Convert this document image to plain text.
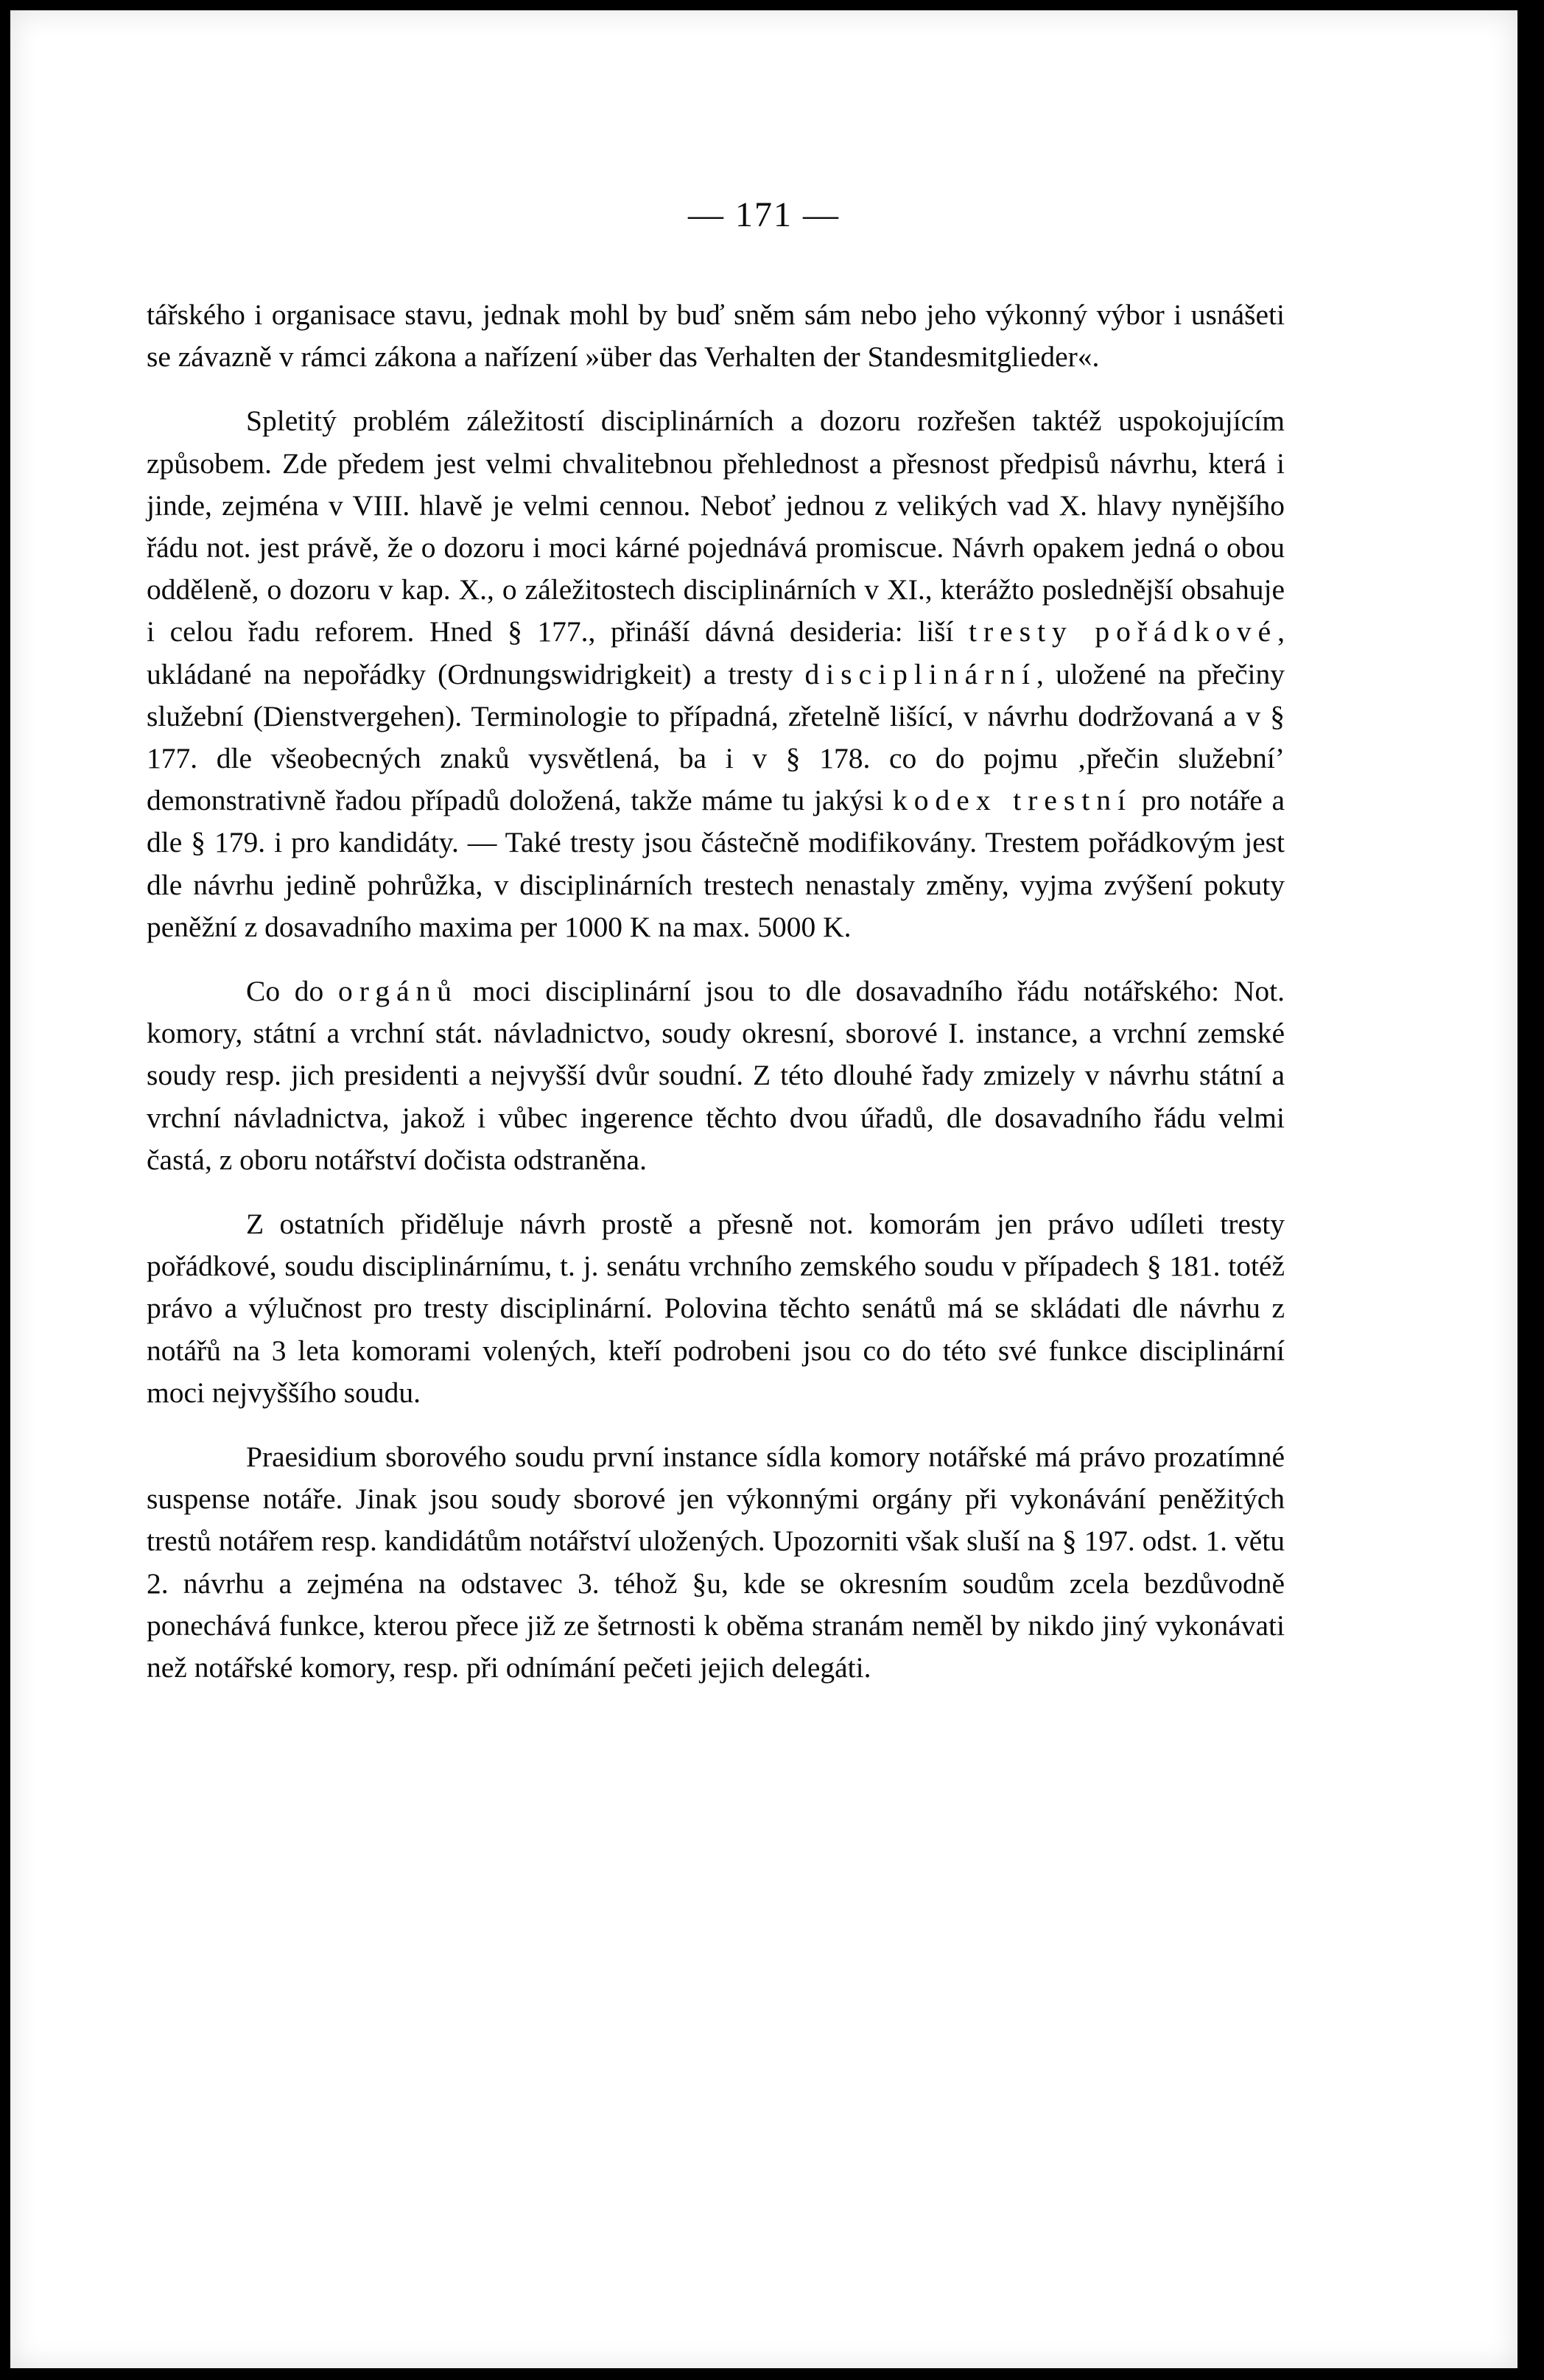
— 171 —

tářského i organisace stavu, jednak mohl by buď sněm sám nebo jeho výkonný výbor i usnášeti se závazně v rámci zákona a nařízení »über das Verhalten der Standesmitglieder«.

Spletitý problém záležitostí disciplinárních a dozoru rozřešen taktéž uspokojujícím způsobem. Zde předem jest velmi chvalitebnou přehlednost a přesnost předpisů návrhu, která i jinde, zejména v VIII. hlavě je velmi cennou. Neboť jednou z velikých vad X. hlavy nynějšího řádu not. jest právě, že o dozoru i moci kárné pojednává promiscue. Návrh opakem jedná o obou odděleně, o dozoru v kap. X., o záležitostech disciplinárních v XI., kterážto poslednější obsahuje i celou řadu reforem. Hned § 177., přináší dávná desideria: liší tresty pořádkové, ukládané na nepořádky (Ordnungswidrigkeit) a tresty disciplinární, uložené na přečiny služební (Dienstvergehen). Terminologie to případná, zřetelně lišící, v návrhu dodržovaná a v § 177. dle všeobecných znaků vysvětlená, ba i v § 178. co do pojmu ‚přečin služební’ demonstrativně řadou případů doložená, takže máme tu jakýsi kodex trestní pro notáře a dle § 179. i pro kandidáty. — Také tresty jsou částečně modifikovány. Trestem pořádkovým jest dle návrhu jedině pohrůžka, v disciplinárních trestech nenastaly změny, vyjma zvýšení pokuty peněžní z dosavadního maxima per 1000 K na max. 5000 K.

Co do orgánů moci disciplinární jsou to dle dosavadního řádu notářského: Not. komory, státní a vrchní stát. návladnictvo, soudy okresní, sborové I. instance, a vrchní zemské soudy resp. jich presidenti a nejvyšší dvůr soudní. Z této dlouhé řady zmizely v návrhu státní a vrchní návladnictva, jakož i vůbec ingerence těchto dvou úřadů, dle dosavadního řádu velmi častá, z oboru notářství dočista odstraněna.

Z ostatních přiděluje návrh prostě a přesně not. komorám jen právo udíleti tresty pořádkové, soudu disciplinárnímu, t. j. senátu vrchního zemského soudu v případech § 181. totéž právo a výlučnost pro tresty disciplinární. Polovina těchto senátů má se skládati dle návrhu z notářů na 3 leta komorami volených, kteří podrobeni jsou co do této své funkce disciplinární moci nejvyššího soudu.

Praesidium sborového soudu první instance sídla komory notářské má právo prozatímné suspense notáře. Jinak jsou soudy sborové jen výkonnými orgány při vykonávání peněžitých trestů notářem resp. kandidátům notářství uložených. Upozorniti však sluší na § 197. odst. 1. větu 2. návrhu a zejména na odstavec 3. téhož §u, kde se okresním soudům zcela bezdůvodně ponechává funkce, kterou přece již ze šetrnosti k oběma stranám neměl by nikdo jiný vykonávati než notářské komory, resp. při odnímání pečeti jejich delegáti.
